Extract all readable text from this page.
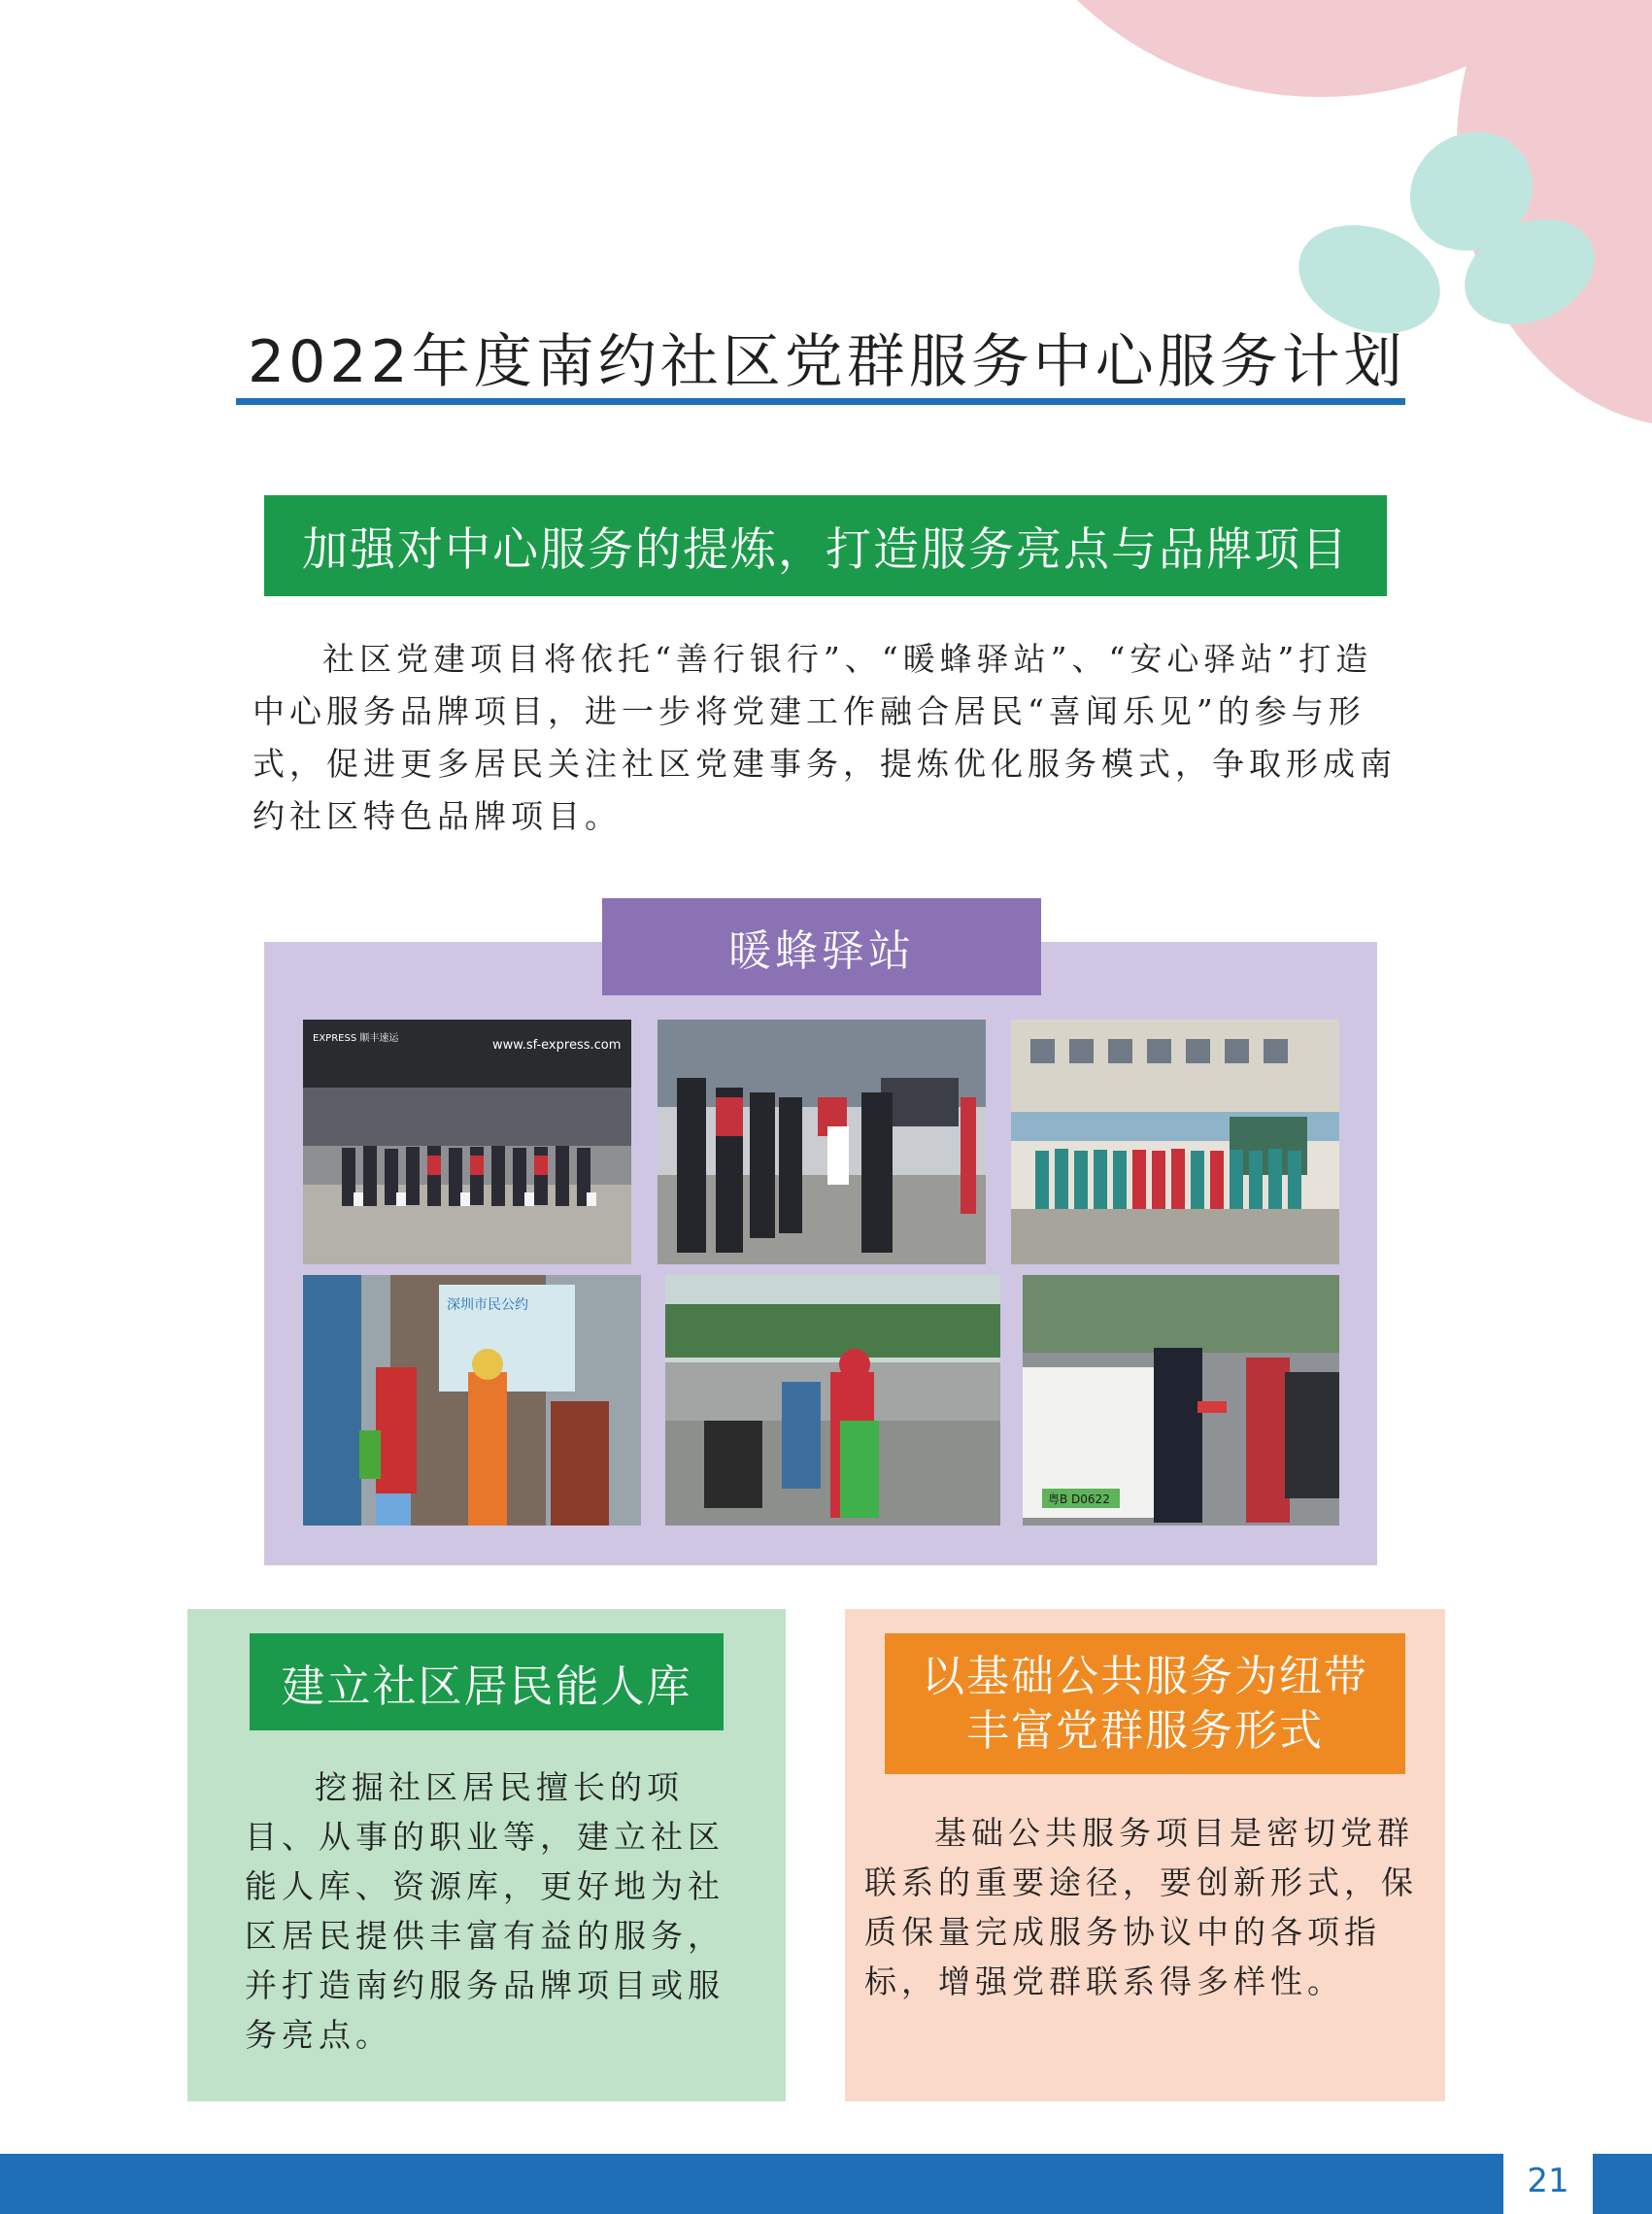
2022年度南约社区党群服务中心服务计划
加强对中心服务的提炼，打造服务亮点与品牌项目
社区党建项目将依托“善行银行”、“暖蜂驿站”、“安心驿站”打造中心服务品牌项目，进一步将党建工作融合居民“喜闻乐见”的参与形式，促进更多居民关注社区党建事务，提炼优化服务模式，争取形成南约社区特色品牌项目。
暖蜂驿站
EXPRESS 顺丰速运	www.sf-express.com
深圳市民公约
粤B D0622
建立社区居民能人库
挖掘社区居民擅长的项目、从事的职业等，建立社区能人库、资源库，更好地为社区居民提供丰富有益的服务，并打造南约服务品牌项目或服务亮点。
以基础公共服务为纽带
丰富党群服务形式
基础公共服务项目是密切党群联系的重要途径，要创新形式，保质保量完成服务协议中的各项指标，增强党群联系得多样性。
21
